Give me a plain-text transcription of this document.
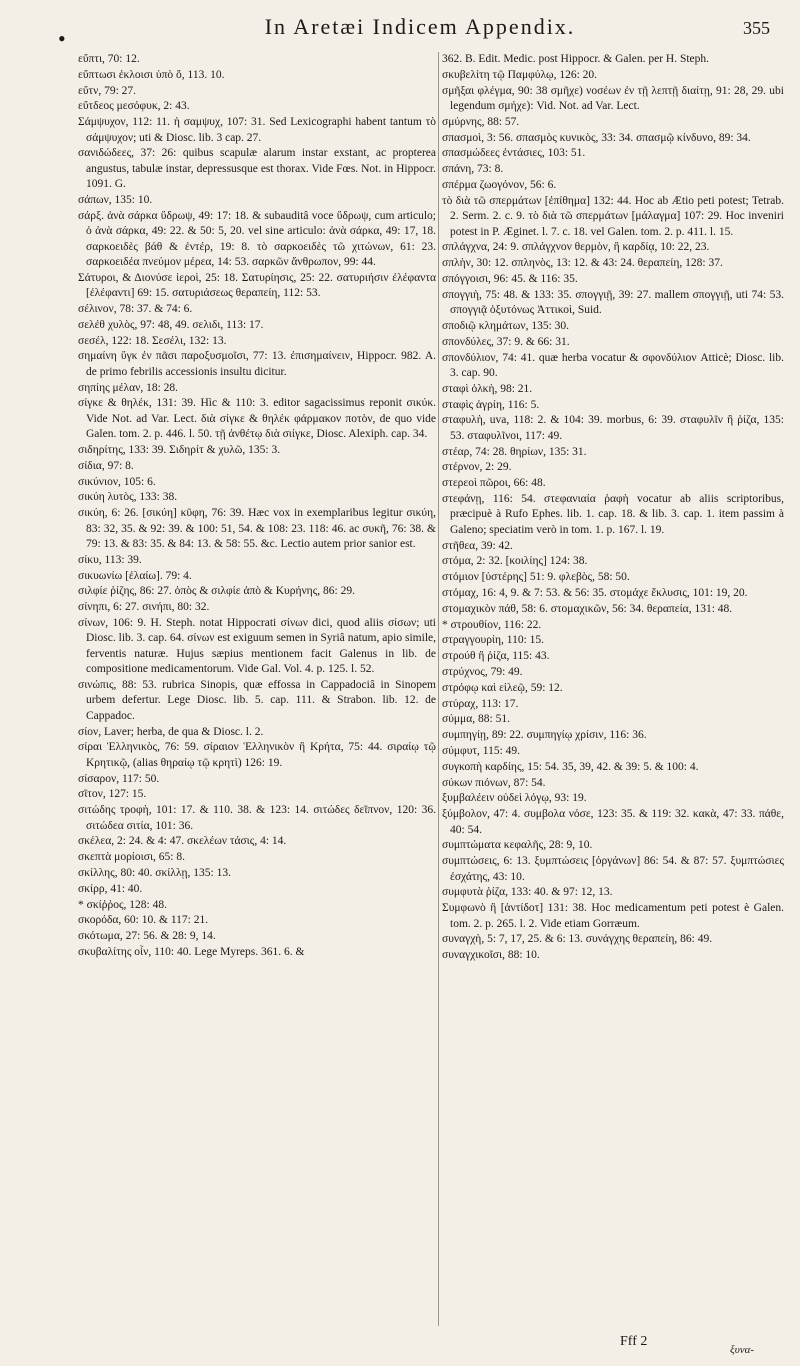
•	In Aretæi Indicem Appendix.	355

εὔπτι, 70: 12.

εὔπτωσι ἐκλοισι ὑπὸ ὄ, 113. 10.

εὔτν, 79: 27.

εὔτδεος μεσόφυκ, 2: 43.

Σάμψυχον, 112: 11. ἡ σαμψυχ, 107: 31. Sed Lexicographi habent tantum τὸ σάμψυχον; uti & Diosc. lib. 3 cap. 27.

σανιδώδεες, 37: 26: quibus scapulæ alarum instar exstant, ac propterea angustus, tabulæ instar, depressusque est thorax. Vide Fœs. Not. in Hippocr. 1091. G.

σάπων, 135: 10.

σάρξ. ἀνὰ σάρκα ὕδρωψ, 49: 17: 18. & subauditâ voce ὕδρωψ, cum articulo; ὁ ἀνὰ σάρκα, 49: 22. & 50: 5, 20. vel sine articulo: ἀνὰ σάρκα, 49: 17, 18. σαρκοειδὲς βάθ & ἐντέρ, 19: 8. τὸ σαρκοειδὲς τῶ χιτώνων, 61: 23. σαρκοειδέα πνεύμον μέρεα, 14: 53. σαρκῶν ἄνθρωπον, 99: 44.

Σάτυροι, & Διονύσε ἱεροὶ, 25: 18. Σατυρίησις, 25: 22. σατυριήσιν ἐλέφαντα [ἐλέφαντι] 69: 15. σατυριάσεως θεραπείη, 112: 53.

σέλινον, 78: 37. & 74: 6.

σελέθ χυλὸς, 97: 48, 49. σελιδι, 113: 17.

σεσέλ, 122: 18. Σεσέλι, 132: 13.

σημαίνη ὕγκ ἐν πᾶσι παροξυσμοῖσι, 77: 13. ἐπισημαίνειν, Hippocr. 982. A. de primo febrilis accessionis insultu dicitur.

σηπίης μέλαν, 18: 28.

σίγκε & θηλέκ, 131: 39. Hìc & 110: 3. editor sagacissimus reponit σικύκ. Vide Not. ad Var. Lect. διὰ σίγκε & θηλέκ φάρμακον ποτὸν, de quo vide Galen. tom. 2. p. 446. l. 50. τῇ ἀνθέτῳ διὰ σιίγκε, Diosc. Alexiph. cap. 34.

σιδηρίτης, 133: 39. Σιδηρίτ & χυλῶ, 135: 3.

σίδια, 97: 8.

σικύνιον, 105: 6.

σικύη λυτὸς, 133: 38.

σικύη, 6: 26. [σικύη] κῦφη, 76: 39. Hæc vox in exemplaribus legitur σικύη, 83: 32, 35. & 92: 39. & 100: 51, 54. & 108: 23. 118: 46. ac συκῆ, 76: 38. & 79: 13. & 83: 35. & 84: 13. & 58: 55. &c. Lectio autem prior sanior est.

σίκυ, 113: 39.

σικυωνίω [ἐλαίω]. 79: 4.

σιλφίε ῥίζης, 86: 27. ὀπὸς & σιλφίε ἀπὸ & Κυρήνης, 86: 29.

σίνηπι, 6: 27. σινήπι, 80: 32.

σίνων, 106: 9. H. Steph. notat Hippocrati σίνων dici, quod aliis σίσων; uti Diosc. lib. 3. cap. 64. σίνων est exiguum semen in Syriâ natum, apio simile, ferventis naturæ. Hujus sæpius mentionem facit Galenus in lib. de compositione medicamentorum. Vide Gal. Vol. 4. p. 125. l. 52.

σινώπις, 88: 53. rubrica Sinopis, quæ effossa in Cappadociâ in Sinopem urbem defertur. Lege Diosc. lib. 5. cap. 111. & Strabon. lib. 12. de Cappadoc.

σίον, Laver; herba, de qua & Diosc. l. 2.

σίραι Ἑλληνικὸς, 76: 59. σίραιον Ἑλληνικὸν ἢ Κρήτα, 75: 44. σιραίῳ τῷ Κρητικῷ, (alias θηραίῳ τῷ κρητὶ) 126: 19.

σίσαρον, 117: 50.

σῖτον, 127: 15.

σιτώδης τροφὴ, 101: 17. & 110. 38. & 123: 14. σιτώδες δεῖπνον, 120: 36. σιτώδεα σιτία, 101: 36.

σκέλεα, 2: 24. & 4: 47. σκελέων τάσις, 4: 14.

σκεπτὰ μορίοισι, 65: 8.

σκίλλης, 80: 40. σκίλλῃ, 135: 13.

σκίρρ, 41: 40.

* σκίῤῥος, 128: 48.

σκορόδα, 60: 10. & 117: 21.

σκότωμα, 27: 56. & 28: 9, 14.

σκυβαλίτης οἶν, 110: 40. Lege Myreps. 361. 6. &

362. B. Edit. Medic. post Hippocr. & Galen. per H. Steph.

σκυβελίτη τῷ Παμφύλῳ, 126: 20.

σμῆξαι φλέγμα, 90: 38 σμῆχε) νοσέων ἐν τῇ λεπτῇ διαίτῃ, 91: 28, 29. ubi legendum σμήχε): Vid. Not. ad Var. Lect.

σμύρνης, 88: 57.

σπασμοὶ, 3: 56. σπασμὸς κυνικὸς, 33: 34. σπασμῷ κίνδυνο, 89: 34.

σπασμώδεες ἐντάσιες, 103: 51.

σπάνη, 73: 8.

σπέρμα ζωογόνον, 56: 6.

τὸ διὰ τῶ σπερμάτων [ἐπίθημα] 132: 44. Hoc ab Ætio peti potest; Tetrab. 2. Serm. 2. c. 9. τὸ διὰ τῶ σπερμάτων [μάλαγμα] 107: 29. Hoc inveniri potest in P. Æginet. l. 7. c. 18. vel Galen. tom. 2. p. 411. l. 15.

σπλάγχνα, 24: 9. σπλάγχνον θερμὸν, ἢ καρδίᾳ, 10: 22, 23.

σπλὴν, 30: 12. σπληνὸς, 13: 12. & 43: 24. θεραπείη, 128: 37.

σπόγγοισι, 96: 45. & 116: 35.

σπογγιὴ, 75: 48. & 133: 35. σπογγιῇ, 39: 27. mallem σπογγιῇ, uti 74: 53. σπογγιᾷ ὀξυτόνως Ἀττικοὶ, Suid.

σποδιῷ κλημάτων, 135: 30.

σπονδύλες, 37: 9. & 66: 31.

σπονδύλιον, 74: 41. quæ herba vocatur & σφονδύλιον Atticè; Diosc. lib. 3. cap. 90.

σταφὶ ὀλκὴ, 98: 21.

σταφὶς ἀγρίη, 116: 5.

σταφυλὴ, uva, 118: 2. & 104: 39. morbus, 6: 39. σταφυλῖν ἢ ῥίζα, 135: 53. σταφυλῖνοι, 117: 49.

στέαρ, 74: 28. θηρίων, 135: 31.

στέρνον, 2: 29.

στερεοὶ πῶροι, 66: 48.

στεφάνῃ, 116: 54. στεφανιαία ῥαφὴ vocatur ab aliis scriptoribus, præcipuè à Rufo Ephes. lib. 1. cap. 18. & lib. 3. cap. 1. item passim à Galeno; speciatim verò in tom. 1. p. 167. l. 19.

στῆθεα, 39: 42.

στόμα, 2: 32. [κοιλίης] 124: 38.

στόμιον [ὑστέρης] 51: 9. φλεβὸς, 58: 50.

στόμαχ, 16: 4, 9. & 7: 53. & 56: 35. στομάχε ἔκλυσις, 101: 19, 20.

στομαχικὸν πάθ, 58: 6. στομαχικῶν, 56: 34. θεραπεία, 131: 48.

* στρουθίον, 116: 22.

στραγγουρίη, 110: 15.

στρούθ ἢ ῥίζα, 115: 43.

στρύχνος, 79: 49.

στρόφῳ καὶ εἰλεῷ, 59: 12.

στύραχ, 113: 17.

σύμμα, 88: 51.

συμπηγίῃ, 89: 22. συμπηγίῳ χρίσιν, 116: 36.

σύμφυτ, 115: 49.

συγκοπὴ καρδίης, 15: 54. 35, 39, 42. & 39: 5. & 100: 4.

σύκων πιόνων, 87: 54.

ξυμβαλέειν οὐδεὶ λόγῳ, 93: 19.

ξύμβολον, 47: 4. συμβολα νόσε, 123: 35. & 119: 32. κακὰ, 47: 33. πάθε, 40: 54.

συμπτώματα κεφαλῆς, 28: 9, 10.

συμπτώσεις, 6: 13. ξυμπτώσεις [ὀργάνων] 86: 54. & 87: 57. ξυμπτώσιες ἐσχάτης, 43: 10.

συμφυτὰ ῥίζα, 133: 40. & 97: 12, 13.

Συμφωνὸ ἢ [ἀντίδοτ] 131: 38. Hoc medicamentum peti potest è Galen. tom. 2. p. 265. l. 2. Vide etiam Gorræum.

συναγχὴ, 5: 7, 17, 25. & 6: 13. συνάγχης θεραπείη, 86: 49.

συναγχικοῖσι, 88: 10.

Fff 2
ξυνα-
